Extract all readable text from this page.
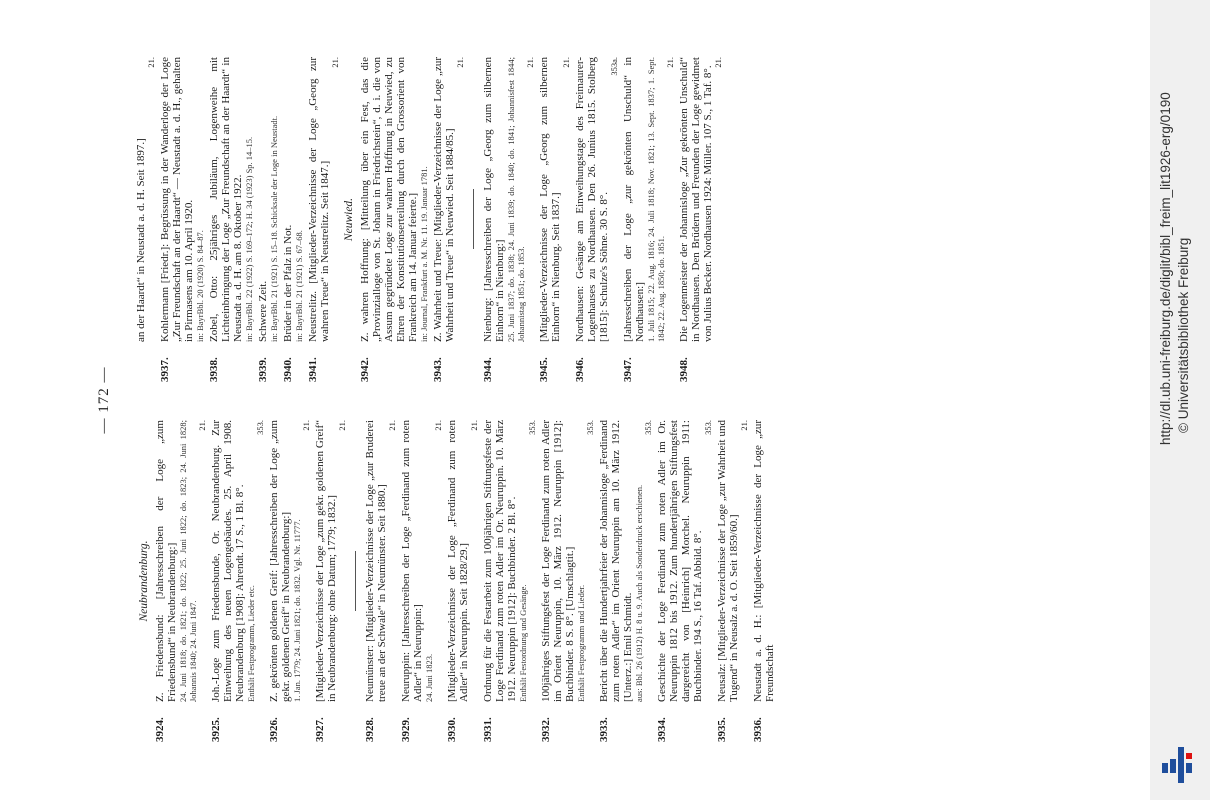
— 172 —
Neubrandenburg.
3924.
Z. Friedensbund: [Jahresschreiben der Loge „zum Friedensbund“ in Neubrandenburg:] 24. Juni 1818; do. 1821; do. 1822; 25. Juni 1822; do. 1823; 24. Juni 1828; Johannis 1840; 24. Juni 1847.
21.
3925.
Joh.-Loge zum Friedensbunde, Or. Neubrandenburg. Zur Einweihung des neuen Logengebäudes. 25. April 1908. Neubrandenburg [1908]: Ahrendt. 17 S., 1 Bl. 8°. Enthält Festprogramm, Lieder etc.
353.
3926.
Z. gekrönten goldenen Greif: [Jahresschreiben der Loge „zum gekr. goldenen Greif“ in Neubrandenburg:] 1. Jan. 1779; 24. Juni 1821; do. 1832. Vgl. Nr. 11777.
21.
3927.
[Mitglieder-Verzeichnisse der Loge „zum gekr. goldenen Greif“ in Neubrandenburg: ohne Datum; 1779; 1832.]
21.
3928.
Neumünster: [Mitglieder-Verzeichnisse der Loge „zur Bruderei treue an der Schwale“ in Neumünster. Seit 1880.]
21.
3929.
Neuruppin: [Jahresschreiben der Loge „Ferdinand zum roten Adler“ in Neuruppin:] 24. Juni 1823.
21.
3930.
[Mitglieder-Verzeichnisse der Loge „Ferdinand zum roten Adler“ in Neuruppin. Seit 1828/29.]
21.
3931.
Ordnung für die Festarbeit zum 100jährigen Stiftungsfeste der Loge Ferdinand zum roten Adler im Or. Neuruppin. 10. März 1912. Neuruppin [1912]: Buchbinder. 2 Bl. 8°. Enthält Festordnung und Gesänge.
353.
3932.
100jähriges Stiftungsfest der Loge Ferdinand zum roten Adler im Orient Neuruppin, 10. März 1912. Neuruppin [1912]: Buchbinder. 8 S. 8°. [Umschlagtit.] Enthält Festprogramm und Lieder.
353.
3933.
Bericht über die Hundertjahrfeier der Johannisloge „Ferdinand zum roten Adler“ im Orient Neuruppin am 10. März 1912. [Unterz.:] Emil Schmidt. aus: Bbl. 26 (1912) H. 8 u. 9. Auch als Sonderdruck erschienen.
353.
3934.
Geschichte der Loge Ferdinand zum roten Adler im Or. Neuruppin 1812 bis 1912. Zum hundertjährigen Stiftungsfest dargereicht von [Heinrich] Morchel. Neuruppin 1911: Buchbinder. 194 S., 16 Taf. Abbild. 8°.
353.
3935.
Neusalz: [Mitglieder-Verzeichnisse der Loge „zur Wahrheit und Tugend“ in Neusalz a. d. O. Seit 1859/60.]
21.
3936.
Neustadt a. d. H.: [Mitglieder-Verzeichnisse der Loge „zur Freundschaft
an der Haardt“ in Neustadt a. d. H. Seit 1897.]
21.
3937.
Kohlermann [Friedr.]: Begrüssung in der Wanderloge der Loge „Zur Freundschaft an der Haardt“ — Neustadt a. d. H., gehalten in Pirmasens am 10. April 1920. in: BayrBbl. 20 (1920) S. 84–87.
3938.
Zobel, Otto: 25jähriges Jubiläum, Logenweihe mit Lichteinbringung der Loge „Zur Freundschaft an der Haardt“ in Neustadt a. d. H. am 8. Oktober 1922. in: BayrBbl. 22 (1922) S. 169–172; H. 34 (1923) Sp. 14–15.
3939.
Schwere Zeit. in: BayrBbl. 21 (1921) S. 15–18. Schicksale der Loge in Neustadt.
3940.
Brüder in der Pfalz in Not. in: BayrBbl. 21 (1921) S. 67–68.
3941.
Neustrelitz. [Mitglieder-Verzeichnisse der Loge „Georg zur wahren Treue“ in Neustrelitz. Seit 1847.]
21.
Neuwied.
3942.
Z. wahren Hoffnung: [Mitteilung über ein Fest, das die „Provinzialloge von St. Johann in Friedrichstein“, d. i. die von Assum gegründete Loge zur wahren Hoffnung in Neuwied, zu Ehren der Konstitutionserteilung durch den Grossorient von Frankreich am 14. Januar feierte.] in: Journal, Frankfurt a. M. Nr. 11. 19. Januar 1781.
3943.
Z. Wahrheit und Treue: [Mitglieder-Verzeichnisse der Loge „zur Wahrheit und Treue“ in Neuwied. Seit 1884/85.]
21.
3944.
Nienburg: [Jahresschreiben der Loge „Georg zum silbernen Einhorn“ in Nienburg:] 25. Juni 1837; do. 1838; 24. Juni 1839; do. 1840; do. 1841; Johannisfest 1844; Johannistag 1851; do. 1853.
21.
3945.
[Mitglieder-Verzeichnisse der Loge „Georg zum silbernen Einhorn“ in Nienburg. Seit 1837.]
21.
3946.
Nordhausen: Gesänge am Einweihungstage des Freimaurer-Logenhauses zu Nordhausen. Den 26. Junius 1815. Stolberg [1815]: Schulze's Söhne. 30 S. 8°.
353a.
3947.
[Jahresschreiben der Loge „zur gekrönten Unschuld“ in Nordhausen:] 1. Juli 1815; 22. Aug. 1816; 24. Juli 1818; Nov. 1821; 13. Sept. 1837; 1. Sept. 1842; 22. Aug. 1850; do. 1851.
21.
3948.
Die Logenmeister der Johannisloge „Zur gekrönten Unschuld“ in Nordhausen. Den Brüdern und Freunden der Loge gewidmet von Julius Becker. Nordhausen 1924: Müller. 107 S., 1 Taf. 8°.
21.
http://dl.ub.uni-freiburg.de/diglit/bibl_freim_lit1926-erg/0190 © Universitätsbibliothek Freiburg
